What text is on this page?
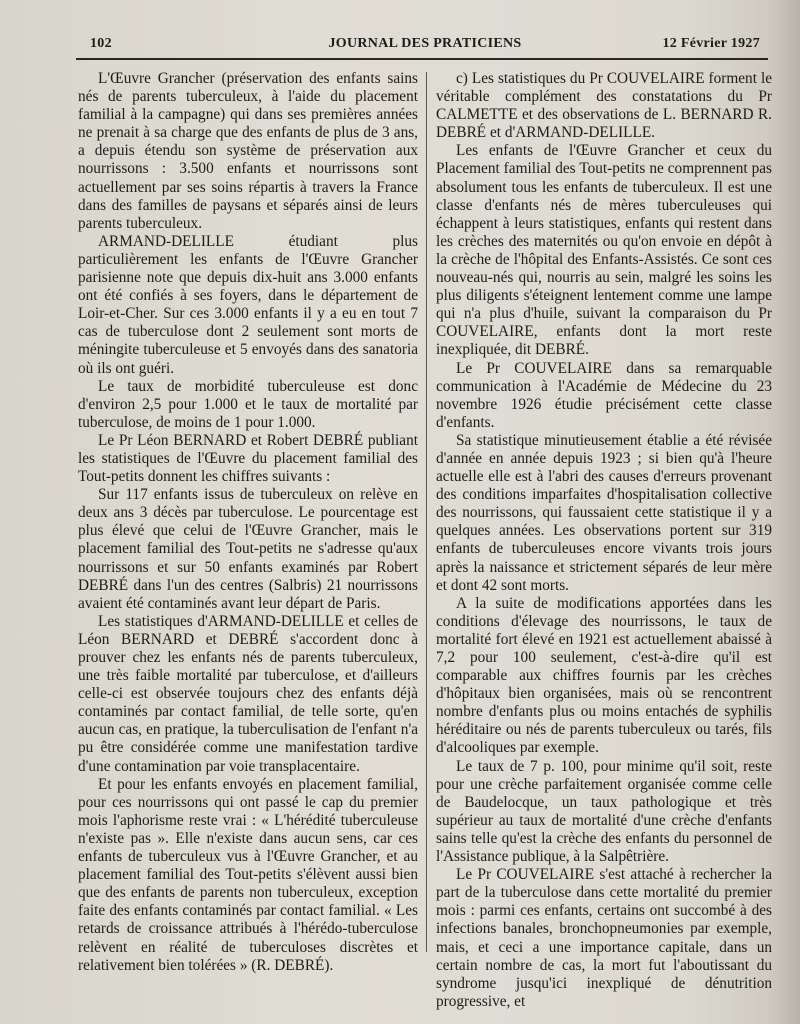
102	JOURNAL DES PRATICIENS	12 Février 1927

L'Œuvre Grancher (préservation des enfants sains nés de parents tuberculeux, à l'aide du placement familial à la campagne) qui dans ses premières années ne prenait à sa charge que des enfants de plus de 3 ans, a depuis étendu son système de préservation aux nourrissons : 3.500 enfants et nourrissons sont actuellement par ses soins répartis à travers la France dans des familles de paysans et séparés ainsi de leurs parents tuberculeux.

ARMAND-DELILLE étudiant plus particulièrement les enfants de l'Œuvre Grancher parisienne note que depuis dix-huit ans 3.000 enfants ont été confiés à ses foyers, dans le département de Loir-et-Cher. Sur ces 3.000 enfants il y a eu en tout 7 cas de tuberculose dont 2 seulement sont morts de méningite tuberculeuse et 5 envoyés dans des sanatoria où ils ont guéri.

Le taux de morbidité tuberculeuse est donc d'environ 2,5 pour 1.000 et le taux de mortalité par tuberculose, de moins de 1 pour 1.000.

Le Pr Léon BERNARD et Robert DEBRÉ publiant les statistiques de l'Œuvre du placement familial des Tout-petits donnent les chiffres suivants :

Sur 117 enfants issus de tuberculeux on relève en deux ans 3 décès par tuberculose. Le pourcentage est plus élevé que celui de l'Œuvre Grancher, mais le placement familial des Tout-petits ne s'adresse qu'aux nourrissons et sur 50 enfants examinés par Robert DEBRÉ dans l'un des centres (Salbris) 21 nourrissons avaient été contaminés avant leur départ de Paris.

Les statistiques d'ARMAND-DELILLE et celles de Léon BERNARD et DEBRÉ s'accordent donc à prouver chez les enfants nés de parents tuberculeux, une très faible mortalité par tuberculose, et d'ailleurs celle-ci est observée toujours chez des enfants déjà contaminés par contact familial, de telle sorte, qu'en aucun cas, en pratique, la tuberculisation de l'enfant n'a pu être considérée comme une manifestation tardive d'une contamination par voie transplacentaire.

Et pour les enfants envoyés en placement familial, pour ces nourrissons qui ont passé le cap du premier mois l'aphorisme reste vrai : « L'hérédité tuberculeuse n'existe pas ». Elle n'existe dans aucun sens, car ces enfants de tuberculeux vus à l'Œuvre Grancher, et au placement familial des Tout-petits s'élèvent aussi bien que des enfants de parents non tuberculeux, exception faite des enfants contaminés par contact familial. « Les retards de croissance attribués à l'hérédo-tuberculose relèvent en réalité de tuberculoses discrètes et relativement bien tolérées » (R. DEBRÉ).

c) Les statistiques du Pr COUVELAIRE forment le véritable complément des constatations du Pr CALMETTE et des observations de L. BERNARD R. DEBRÉ et d'ARMAND-DELILLE.

Les enfants de l'Œuvre Grancher et ceux du Placement familial des Tout-petits ne comprennent pas absolument tous les enfants de tuberculeux. Il est une classe d'enfants nés de mères tuberculeuses qui échappent à leurs statistiques, enfants qui restent dans les crèches des maternités ou qu'on envoie en dépôt à la crèche de l'hôpital des Enfants-Assistés. Ce sont ces nouveau-nés qui, nourris au sein, malgré les soins les plus diligents s'éteignent lentement comme une lampe qui n'a plus d'huile, suivant la comparaison du Pr COUVELAIRE, enfants dont la mort reste inexpliquée, dit DEBRÉ.

Le Pr COUVELAIRE dans sa remarquable communication à l'Académie de Médecine du 23 novembre 1926 étudie précisément cette classe d'enfants.

Sa statistique minutieusement établie a été révisée d'année en année depuis 1923 ; si bien qu'à l'heure actuelle elle est à l'abri des causes d'erreurs provenant des conditions imparfaites d'hospitalisation collective des nourrissons, qui faussaient cette statistique il y a quelques années. Les observations portent sur 319 enfants de tuberculeuses encore vivants trois jours après la naissance et strictement séparés de leur mère et dont 42 sont morts.

A la suite de modifications apportées dans les conditions d'élevage des nourrissons, le taux de mortalité fort élevé en 1921 est actuellement abaissé à 7,2 pour 100 seulement, c'est-à-dire qu'il est comparable aux chiffres fournis par les crèches d'hôpitaux bien organisées, mais où se rencontrent nombre d'enfants plus ou moins entachés de syphilis héréditaire ou nés de parents tuberculeux ou tarés, fils d'alcooliques par exemple.

Le taux de 7 p. 100, pour minime qu'il soit, reste pour une crèche parfaitement organisée comme celle de Baudelocque, un taux pathologique et très supérieur au taux de mortalité d'une crèche d'enfants sains telle qu'est la crèche des enfants du personnel de l'Assistance publique, à la Salpêtrière.

Le Pr COUVELAIRE s'est attaché à rechercher la part de la tuberculose dans cette mortalité du premier mois : parmi ces enfants, certains ont succombé à des infections banales, bronchopneumonies par exemple, mais, et ceci a une importance capitale, dans un certain nombre de cas, la mort fut l'aboutissant du syndrome jusqu'ici inexpliqué de dénutrition progressive, et
